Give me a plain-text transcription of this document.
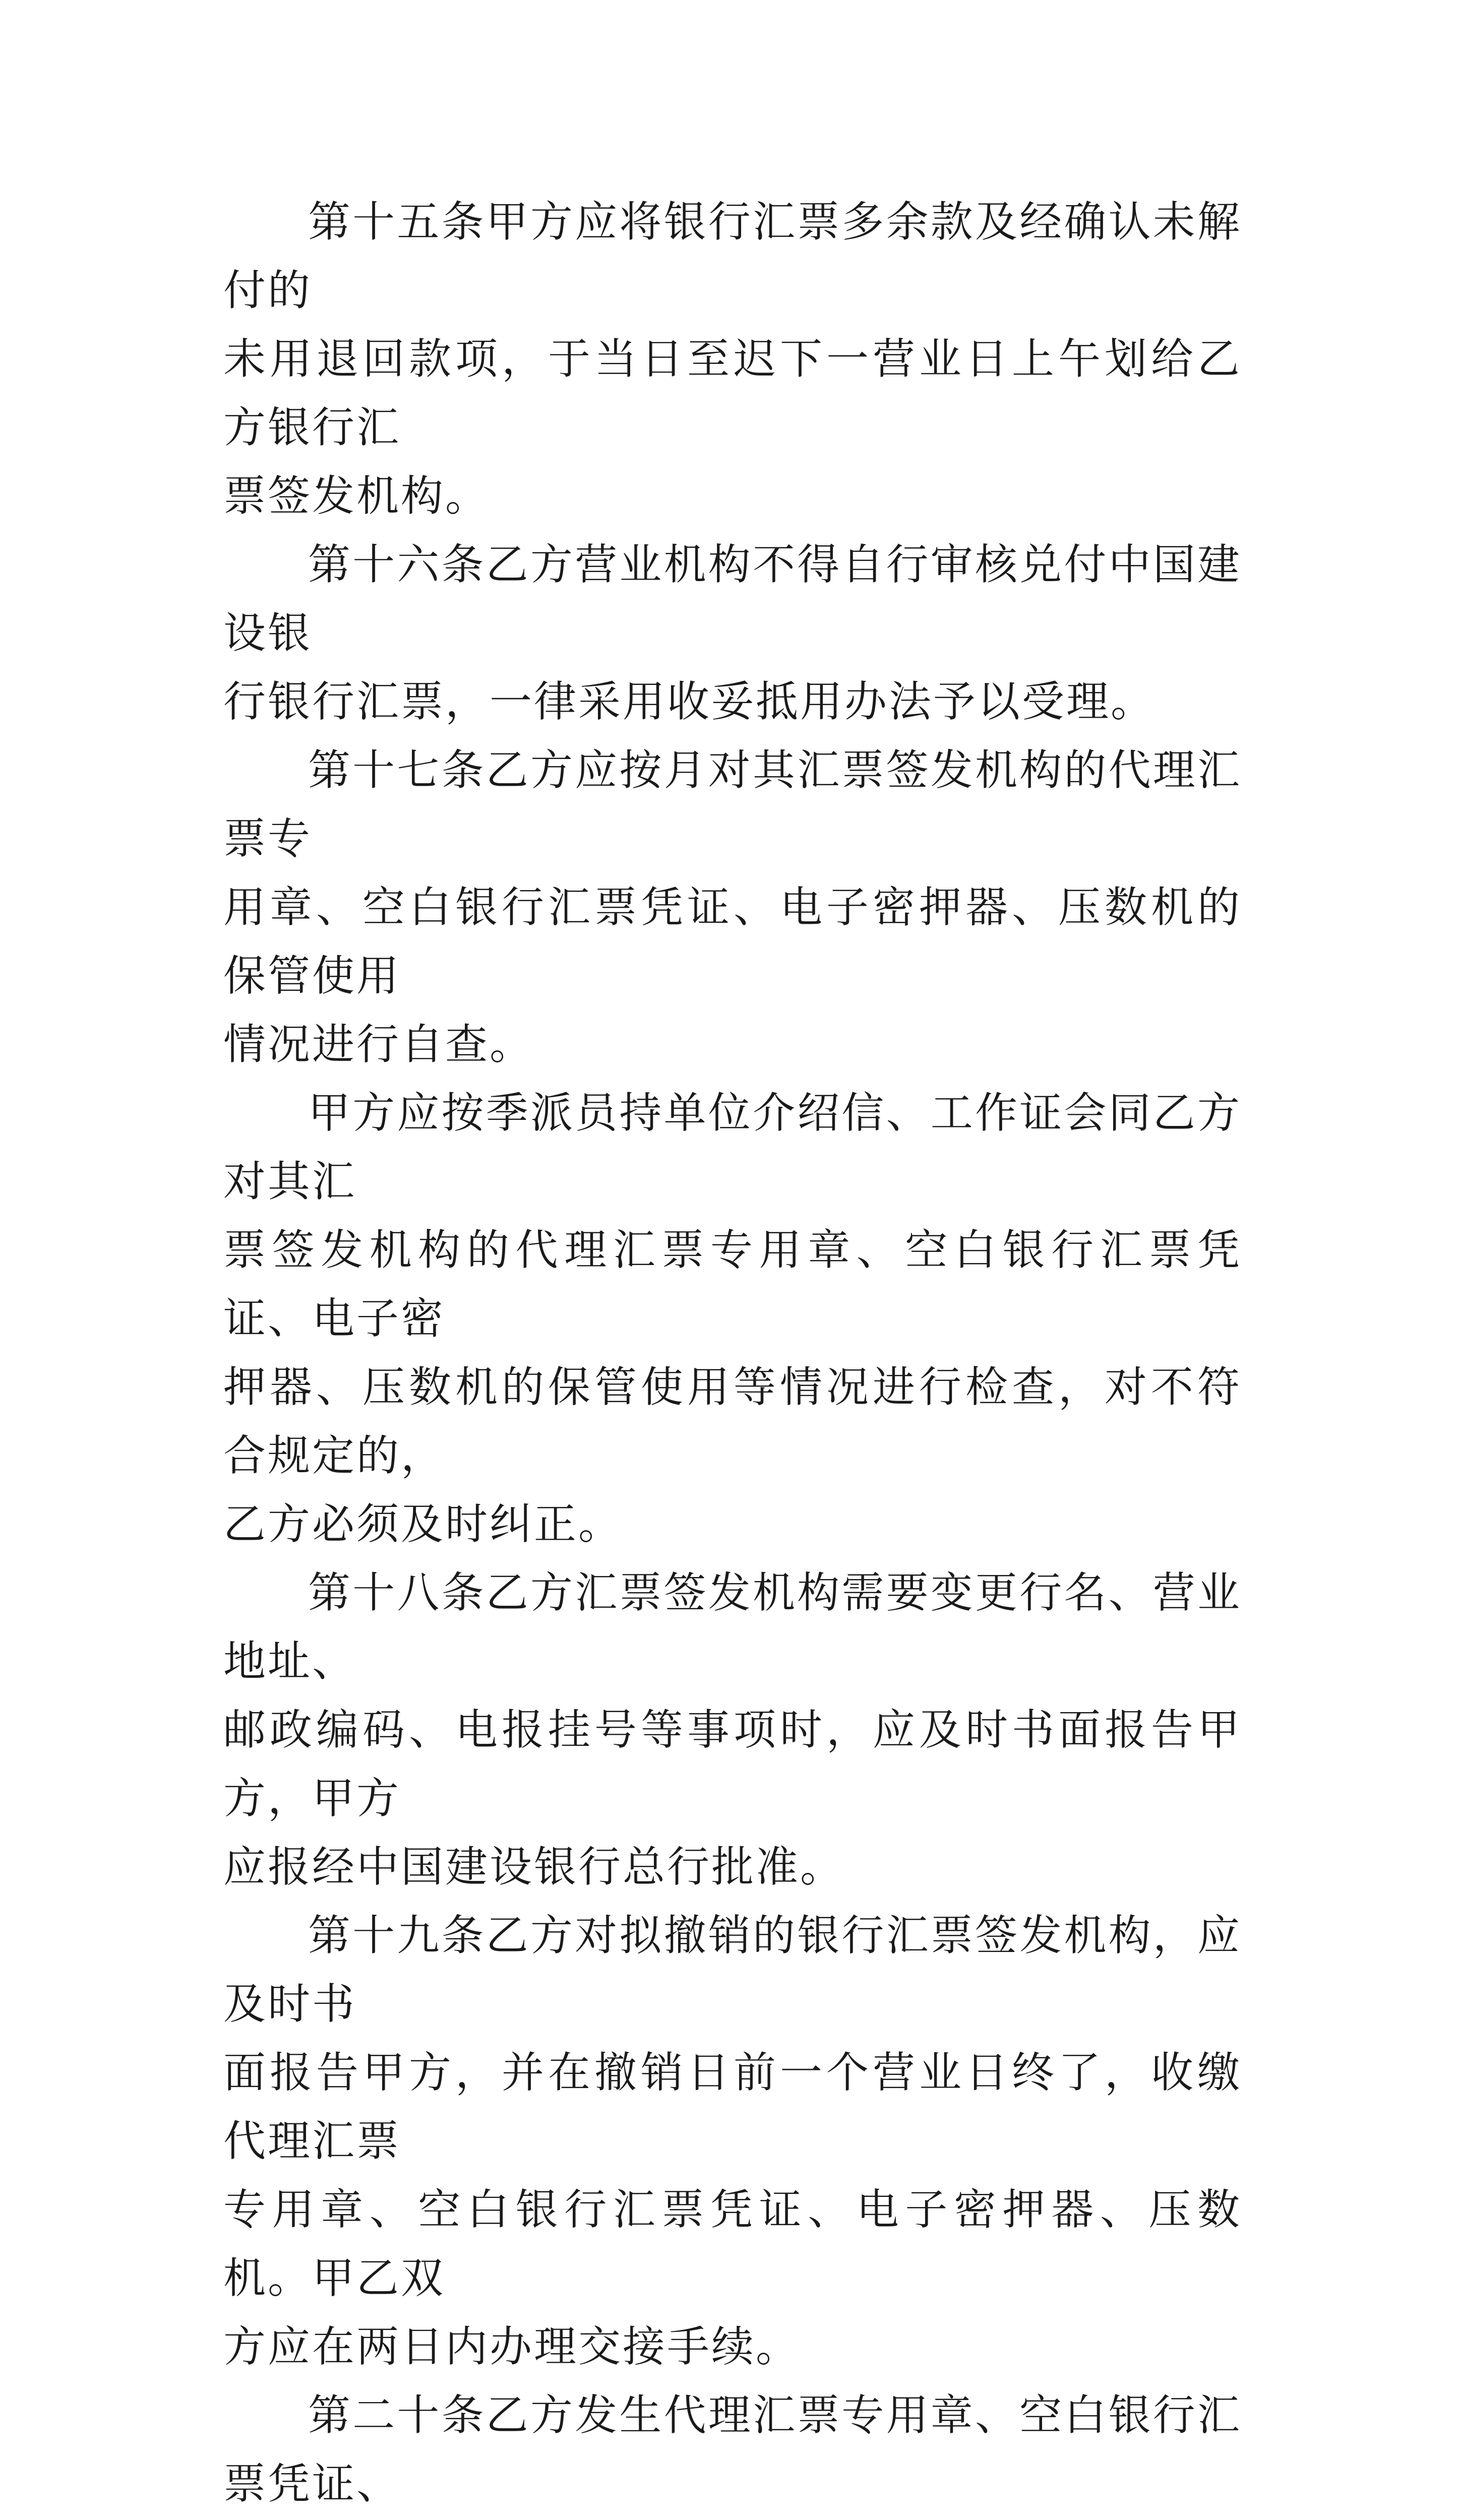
第十五条甲方应将银行汇票多余款及经确认未解付的
未用退回款项，于当日至迟下一营业日上午划给乙方银行汇
票签发机构。

第十六条乙方营业机构不得自行审核兑付中国建设银
行银行汇票，一律采用收妥抵用办法予以受理。

第十七条乙方应按月对其汇票签发机构的代理汇票专
用章、空白银行汇票凭证、电子密押器、压数机的保管使用
情况进行自查。

甲方应按季派员持单位介绍信、工作证会同乙方对其汇
票签发机构的代理汇票专用章、空白银行汇票凭证、电子密
押器、压数机的保管使用等情况进行检查，对不符合规定的，
乙方必须及时纠正。

第十八条乙方汇票签发机构需要变更行名、营业地址、
邮政编码、电报挂号等事项时，应及时书面报告甲方，甲方
应报经中国建设银行总行批准。

第十九条乙方对拟撤销的银行汇票签发机构，应及时书
面报告甲方，并在撤销日前一个营业日终了，收缴代理汇票
专用章、空白银行汇票凭证、电子密押器、压数机。甲乙双
方应在两日内办理交接手续。

第二十条乙方发生代理汇票专用章、空白银行汇票凭证、
